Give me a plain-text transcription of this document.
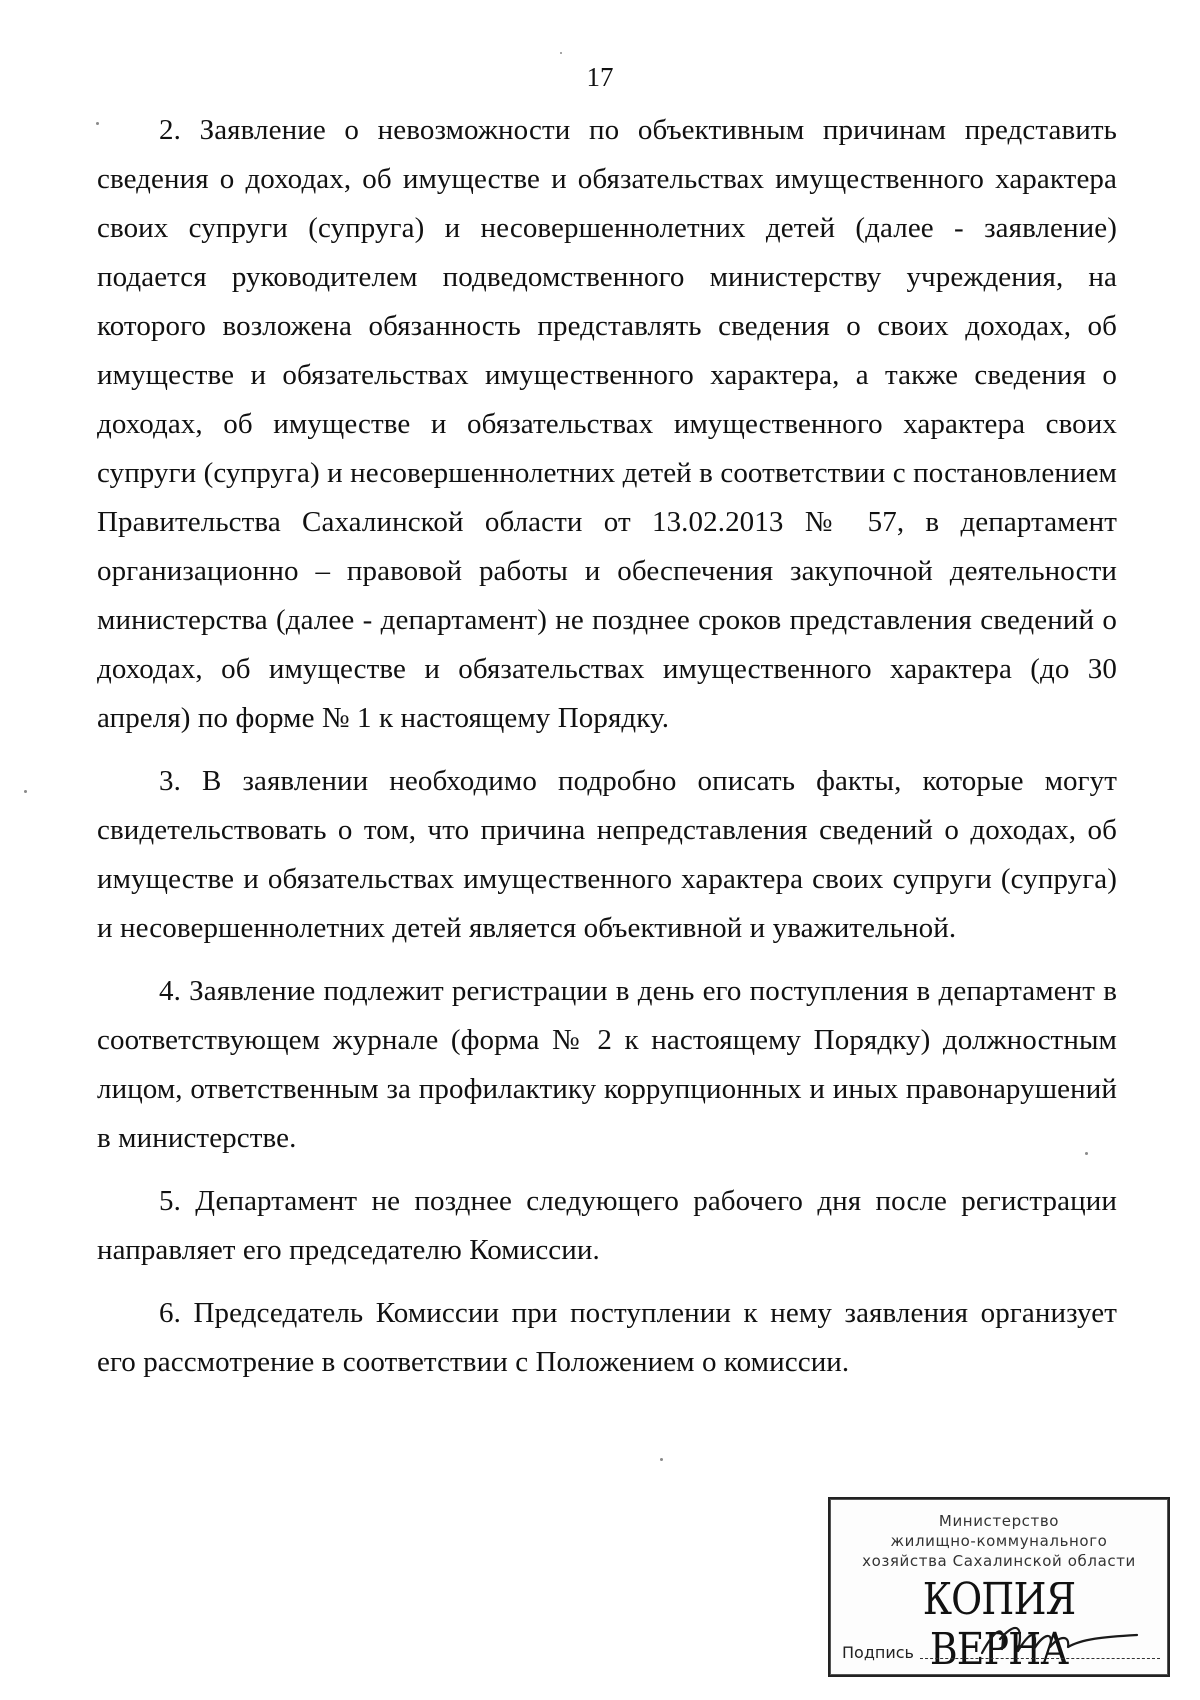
17

2. Заявление о невозможности по объективным причинам представить сведения о доходах, об имуществе и обязательствах имущественного характера своих супруги (супруга) и несовершеннолетних детей (далее - заявление) подается руководителем подведомственного министерству учреждения, на которого возложена обязанность представлять сведения о своих доходах, об имуществе и обязательствах имущественного характера, а также сведения о доходах, об имуществе и обязательствах имущественного характера своих супруги (супруга) и несовершеннолетних детей в соответствии с постановлением Правительства Сахалинской области от 13.02.2013 № 57, в департамент организационно – правовой работы и обеспечения закупочной деятельности министерства (далее - департамент) не позднее сроков представления сведений о доходах, об имуществе и обязательствах имущественного характера (до 30 апреля) по форме № 1 к настоящему Порядку.

3. В заявлении необходимо подробно описать факты, которые могут свидетельствовать о том, что причина непредставления сведений о доходах, об имуществе и обязательствах имущественного характера своих супруги (супруга) и несовершеннолетних детей является объективной и уважительной.

4. Заявление подлежит регистрации в день его поступления в департамент в соответствующем журнале (форма № 2 к настоящему Порядку) должностным лицом, ответственным за профилактику коррупционных и иных правонарушений в министерстве.

5. Департамент не позднее следующего рабочего дня после регистрации направляет его председателю Комиссии.

6. Председатель Комиссии при поступлении к нему заявления организует его рассмотрение в соответствии с Положением о комиссии.

Министерство
жилищно-коммунального
хозяйства Сахалинской области
КОПИЯ ВЕРНА
Подпись
